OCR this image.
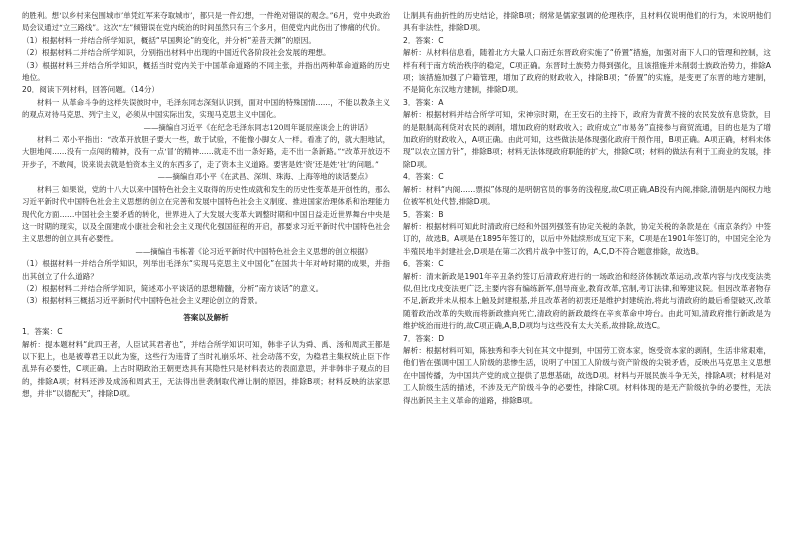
的胜利。想‘以乡村来包围城市’单凭红军来夺取城市’，都只是一件幻想，一件绝对错误的观念。”6月，党中央政治局会议通过“立三路线”。这次“左”倾错误在党内统治的时间虽然只有三个多月，但使党内此伤出了惨痛的代价。

（1）根据材料一并结合所学知识，概括“早国舆论”的变化，并分析“差昔天渊”的原因。

（2）根据材料二并结合所学知识，分别指出材料中出现的中国近代各阶段社会发展的理想。

（3）根据材料三并结合所学知识，概括当时党内关于中国革命道路的不同主张，并指出两种革命道路的历史地位。

20．阅读下列材料，回答问题。（14分）

材料一 从革命斗争的这样失误彼时中，毛泽东同志深刻认识到，面对中国的特殊国情……，不能以教条主义的观点对待马克思、列宁主义，必须从中国实际出发，实现马克思主义中国化。

——摘编自习近平《在纪念毛泽东同志120周年诞辰座谈会上的讲话》

材料二 邓小平指出：“改革开放胆子要大一些，敢于试验，不能像小脚女人一样。看准了的，就大胆地试，大胆地闯……没有一点闯的精神，没有一点‘冒’的精神……就走不出一条好路，走不出一条新路。”“改革开放迈不开步子，不敢闯，说来说去就是怕资本主义的东西多了，走了资本主义道路。要害是姓‘资’还是姓‘社’的问题。”

——摘编自邓小平《在武昌、深圳、珠海、上海等地的谈话要点》

材料三 如果说，党的十八大以来中国特色社会主义取得的历史性成就和发生的历史性变革是开创性的，那么习近平新时代中国特色社会主义思想的创立在完善和发展中国特色社会主义制度、推进国家治理体系和治理能力现代化方面……中国社会主要矛盾的转化，世界进入了大发展大变革大调整时期和中国日益走近世界舞台中央是这一时期的现实，以及全面建成小康社会和社会主义现代化强国征程的开启，都要求习近平新时代中国特色社会主义思想的创立具有必要性。

——摘编自韦栋著《论习近平新时代中国特色社会主义思想的创立根据》

（1）根据材料一并结合所学知识，列举出毛泽东“实现马克思主义中国化”在国共十年对峙时期的成果，并指出其创立了什么道路？

（2）根据材料二并结合所学知识，简述邓小平谈话的思想精髓，分析“南方谈话”的意义。

（3）根据材料三概括习近平新时代中国特色社会主义理论创立的背景。

答案以及解析

1．答案：C

解析：提本题材料“此四王者，人臣试其君者也”，并结合所学知识可知，韩非子认为舜、禹、汤和周武王都是以下犯上，也是被尊君王以此为鉴，这些行为违背了当时礼崩乐坏、社会动荡不安，为稳君主集权统止臣下作乱异有必要性，C项正确。上古时期政治王朝更迭具有其隐性只是材料表达的表面意思，并非韩非子观点的目的，排除A项；材料还涉及成汤和周武王，无法得出世袭制取代禅让制的原因，排除B项；材料反映的法家思想，并非“以德配天”，排除D项。

让制具有曲折性的历史结论，排除B项；纲常是儒家强调的伦理秩序，且材料仅说明他们的行为，未说明他们具有非法性，排除D项。

2．答案：C

解析：从材料信息看，随着北方大量人口南迁东晋政府实施了“侨置”措施，加强对南下人口的管理和控制，这样有利于南方统治秩序的稳定，C项正确。东晋时土族势力得到强化，且该措施并未削弱士族政治势力，排除A项；该措施加强了户籍管理，增加了政府的财政收入，排除B项；“侨置”的实施，是变更了东晋的地方建制，不是简化东汉地方建制，排除D项。

3．答案：A

解析：根据材料并结合所学可知，宋神宗时期，在王安石的主持下，政府为青黄不接的农民发放有息贷款，目的是限制高利贷对农民的剥削，增加政府的财政收入；政府成立“市易务”直接参与商贸流通，目的也是为了增加政府的财政收入，A项正确。由此可知，这些做法是体现强化政府干预作用，B项正确。A项正确，材料未体现“以农立国方针”，排除B项；材料无法体现政府职能的扩大，排除C项；材料的做法有利于工商业的发展，排除D项。

4．答案：C

解析：材料“内阁……票拟”体现的是明朝官员的事务的浅程度,故C项正确,AB没有内阁,排除,清朝是内阁权力地位被军机处代替,排除D项。

5．答案：B

解析：根据材料可知此时清政府已经和外国列强签有协定关税的条款，协定关税的条款是在《南京条约》中签订的，故选B。A项是在1895年签订的，以后中外陆续形成互定下来，C项是在1901年签订的，中国完全沦为半殖民地半封建社会,D项是在第二次鸦片战争中签订的，A,C,D不符合题意排除，故选B。

6．答案：C

解析：清末新政是1901年辛丑条约签订后清政府进行的一场政治和经济体制改革运动,改革内容与戊戌变法类似,但比戊戌变法更广泛,主要内容有编练新军,倡导商业,教育改革,官制,考订法律,和筹建议院。但因改革者物存不足,新政并未从根本上触及封建根基,并且改革者的初衷还是维护封建统治,将此与清政府的最后希望破灭,改革随着政治改革的失败而将新政推向死亡,清政府的新政最终在辛亥革命中垮台。由此可知,清政府推行新政是为维护统治而进行的,故C项正确,A,B,D项均与这些没有太大关系,故排除,故选C。

7．答案：D

解析：根据材料可知，陈独秀和李大钊在其文中提到，中国劳工资本家，饱受资本家的剥削，生活非常艰难，他们皆在强调中国工人阶级的悲惨生活，说明了中国工人阶级与资产阶级的尖锐矛盾，反映出马克思主义思想在中国传播，为中国共产党的成立提供了思想基础，故选D项。材料与开展民族斗争无关，排除A项；材料是对工人阶级生活的描述，不涉及无产阶级斗争的必要性，排除C项。材料体现的是无产阶级抗争的必要性，无法得出新民主主义革命的道路，排除B项。
